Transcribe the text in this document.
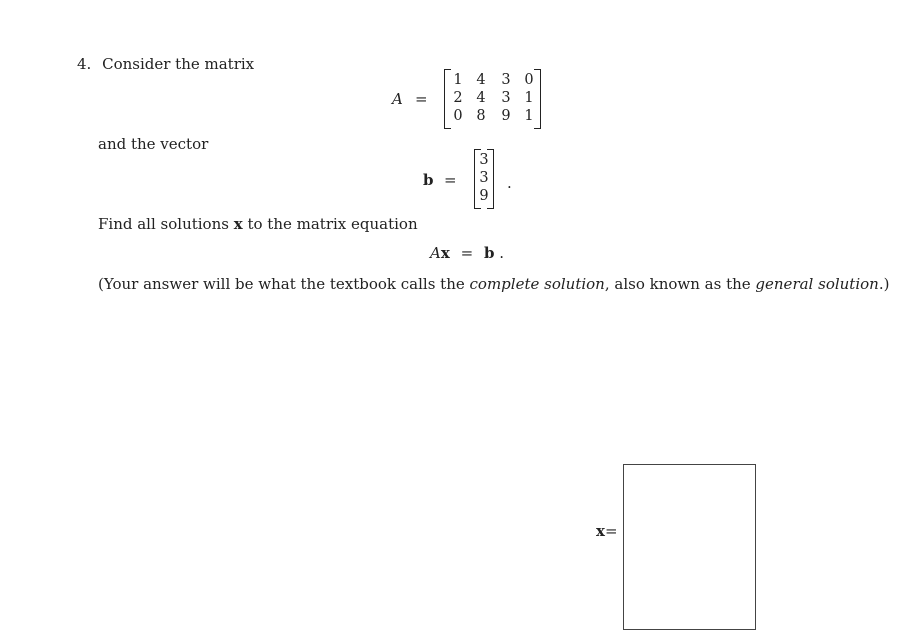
4. Consider the matrix
A =
1 4	3 0
2 4	3 1
0 8	9 1
and the vector
b =
3
3
9
.
Find all solutions x to the matrix equation
Ax = b .
(Your answer will be what the textbook calls the complete solution, also known as the general solution.)
x=
